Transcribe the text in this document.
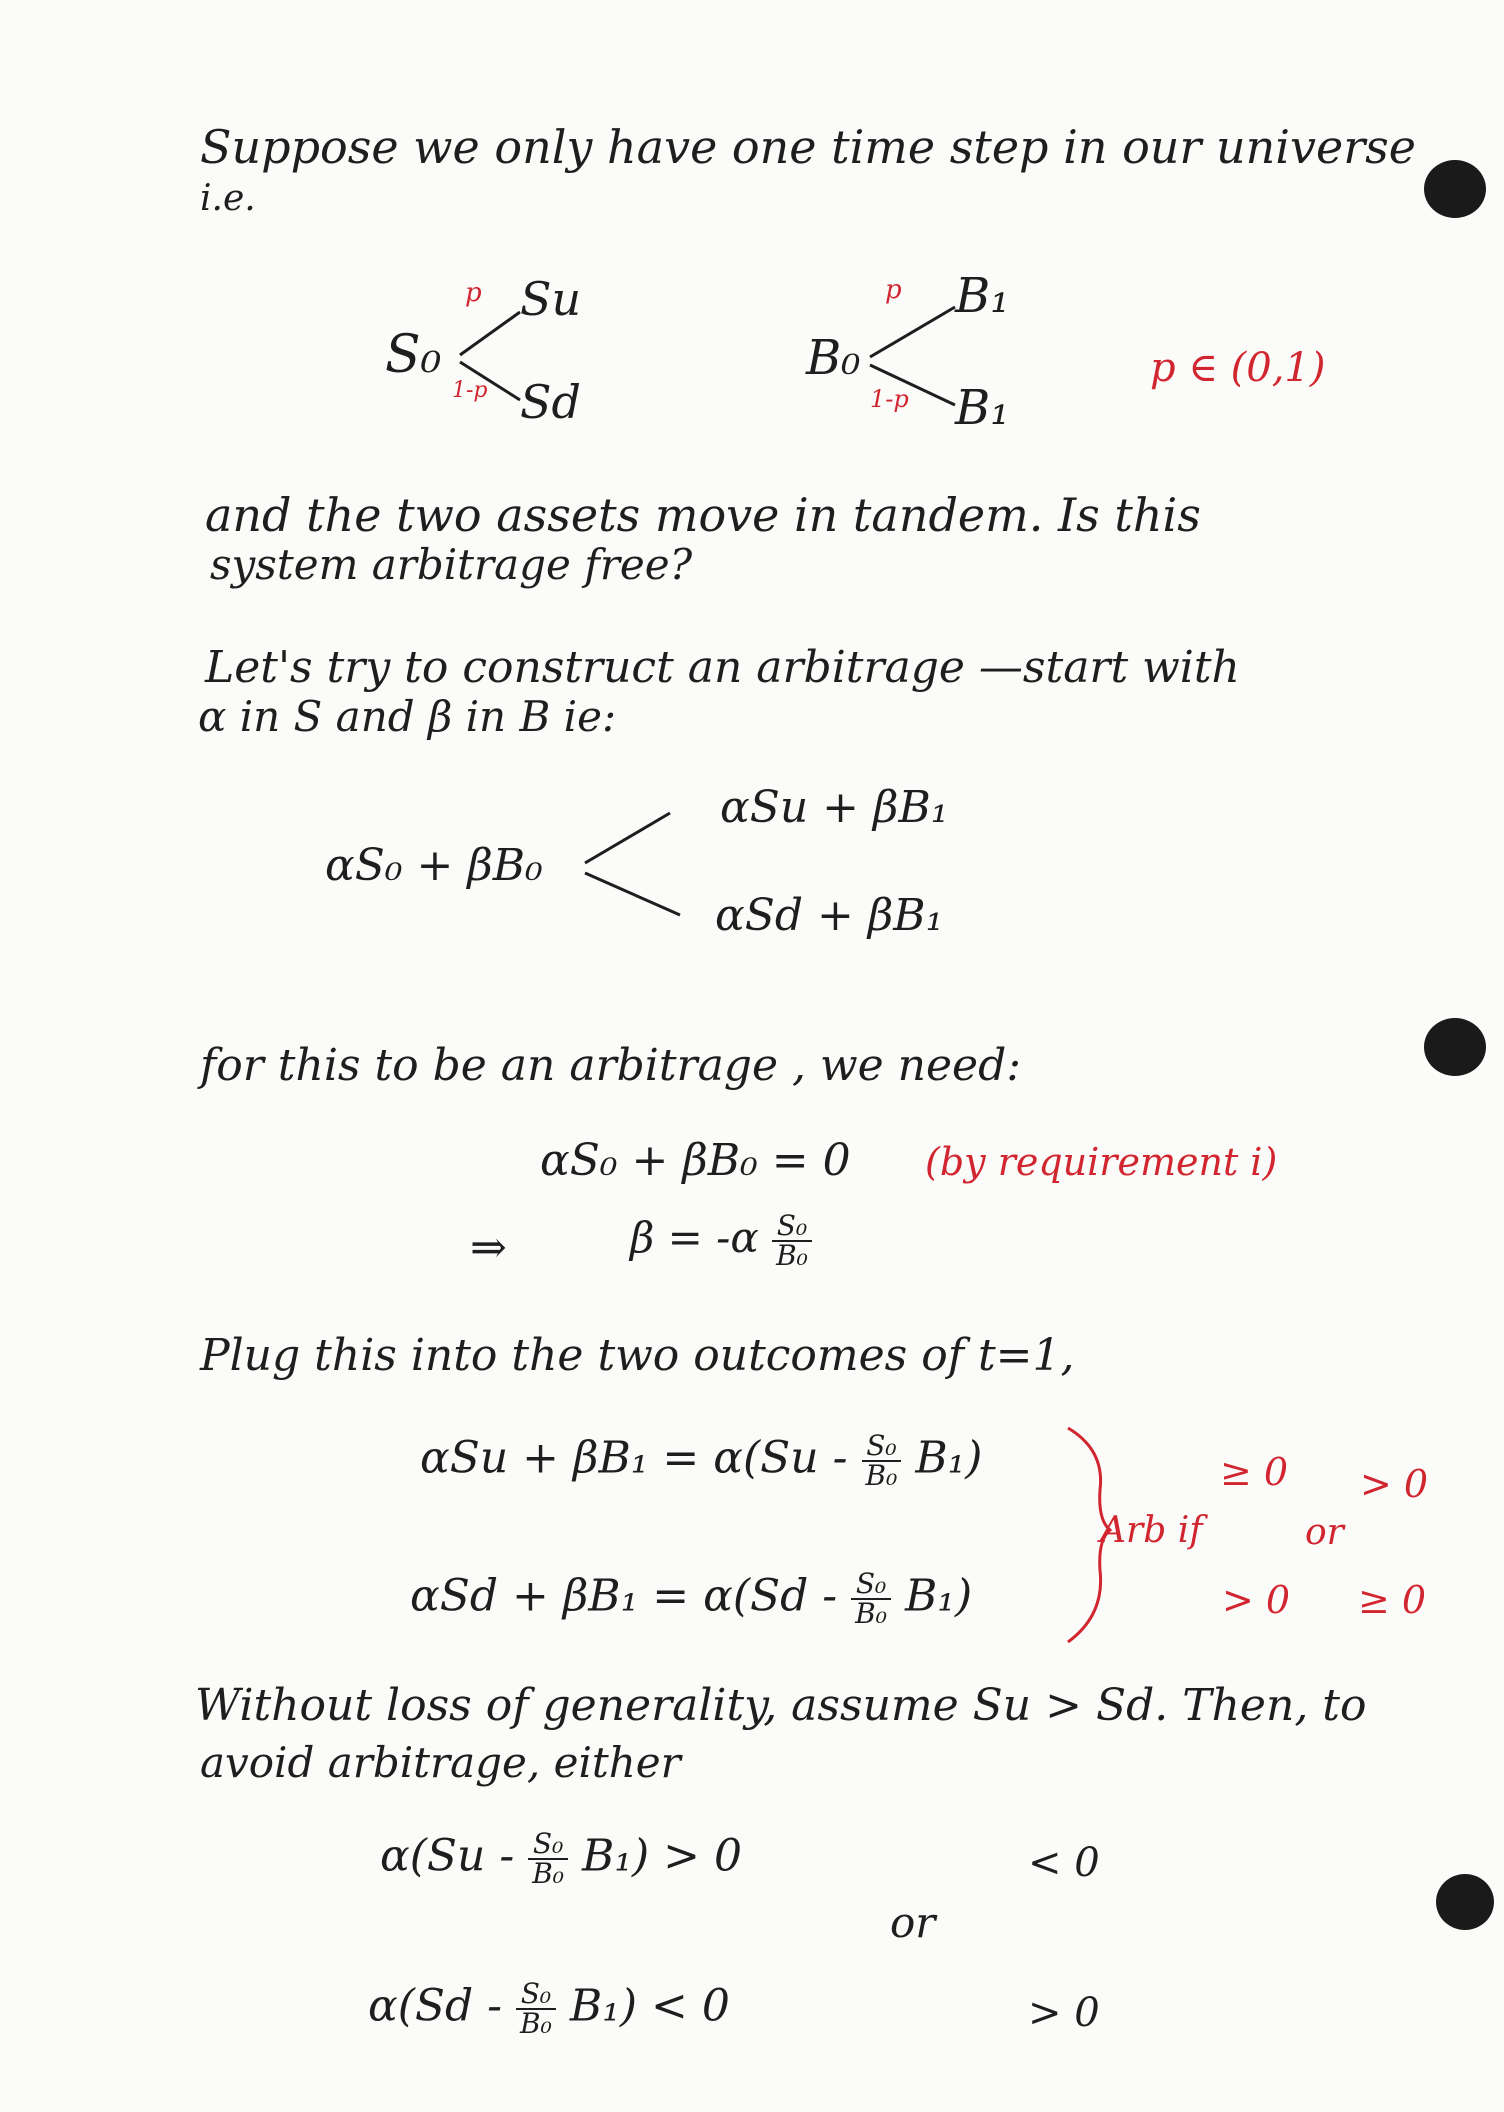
Suppose we only have one time step in our universe
i.e.
S₀
Su
Sd
p
1-p
B₀
B₁
B₁
p
1-p
p ∈ (0,1)
and the two assets move in tandem. Is this
system arbitrage free?
Let's try to construct an arbitrage —start with
α in S and β in B ie:
αS₀ + βB₀
αSu + βB₁
αSd + βB₁
for this to be an arbitrage , we need:
αS₀ + βB₀ = 0 (by requirement i)
⇒	$\beta = -\alpha \frac{\text{S₀}}{\text{B₀}}$
Plug this into the two outcomes of t=1,
$\alpha Su + \beta B_1 = \alpha(Su - \frac{\text{S₀}}{\text{B₀}} B_1)$
$\alpha Sd + \beta B_1 = \alpha(Sd - \frac{\text{S₀}}{\text{B₀}} B_1)$
Arb if
≥ 0
> 0
or
> 0
≥ 0
Without loss of generality, assume Su > Sd. Then, to
avoid arbitrage, either
$\alpha(Su - \frac{\text{S₀}}{\text{B₀}} B_1) > 0$	< 0
or
$\alpha(Sd - \frac{\text{S₀}}{\text{B₀}} B_1) < 0$	> 0
